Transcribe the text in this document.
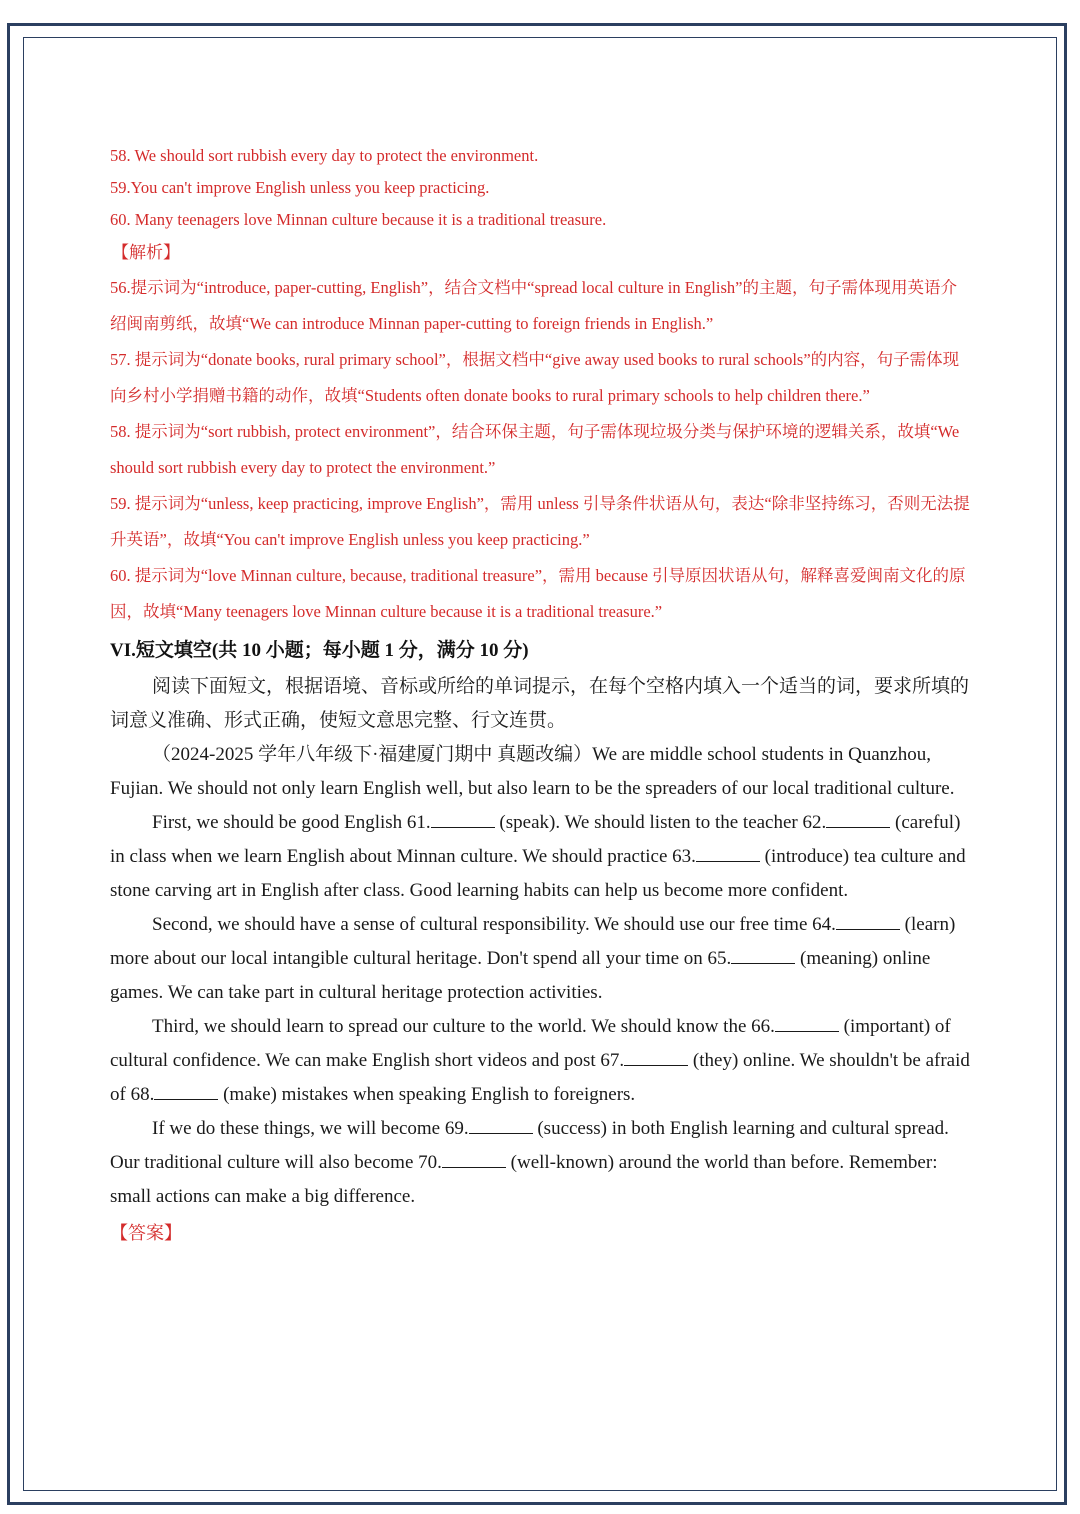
58. We should sort rubbish every day to protect the environment.
59.You can't improve English unless you keep practicing.
60. Many teenagers love Minnan culture because it is a traditional treasure.
【解析】

56.提示词为“introduce, paper-cutting, English”，结合文档中“spread local culture in English”的主题，句子需体现用英语介绍闽南剪纸，故填“We can introduce Minnan paper-cutting to foreign friends in English.”

57. 提示词为“donate books, rural primary school”，根据文档中“give away used books to rural schools”的内容，句子需体现向乡村小学捐赠书籍的动作，故填“Students often donate books to rural primary schools to help children there.”

58. 提示词为“sort rubbish, protect environment”，结合环保主题，句子需体现垃圾分类与保护环境的逻辑关系，故填“We should sort rubbish every day to protect the environment.”

59. 提示词为“unless, keep practicing, improve English”，需用 unless 引导条件状语从句，表达“除非坚持练习，否则无法提升英语”，故填“You can't improve English unless you keep practicing.”

60. 提示词为“love Minnan culture, because, traditional treasure”，需用 because 引导原因状语从句，解释喜爱闽南文化的原因，故填“Many teenagers love Minnan culture because it is a traditional treasure.”

VI.短文填空(共 10 小题；每小题 1 分，满分 10 分)

阅读下面短文，根据语境、音标或所给的单词提示，在每个空格内填入一个适当的词，要求所填的词意义准确、形式正确，使短文意思完整、行文连贯。

（2024-2025 学年八年级下·福建厦门期中 真题改编）We are middle school students in Quanzhou, Fujian. We should not only learn English well, but also learn to be the spreaders of our local traditional culture.

First, we should be good English 61.	(speak). We should listen to the teacher 62.	(careful) in class when we learn English about Minnan culture. We should practice 63.	(introduce) tea culture and stone carving art in English after class. Good learning habits can help us become more confident.

Second, we should have a sense of cultural responsibility. We should use our free time 64.	(learn) more about our local intangible cultural heritage. Don't spend all your time on 65.	(meaning) online games. We can take part in cultural heritage protection activities.

Third, we should learn to spread our culture to the world. We should know the 66.	(important) of cultural confidence. We can make English short videos and post 67.	(they) online. We shouldn't be afraid of 68.	(make) mistakes when speaking English to foreigners.

If we do these things, we will become 69.	(success) in both English learning and cultural spread. Our traditional culture will also become 70.	(well-known) around the world than before. Remember: small actions can make a big difference.

【答案】
